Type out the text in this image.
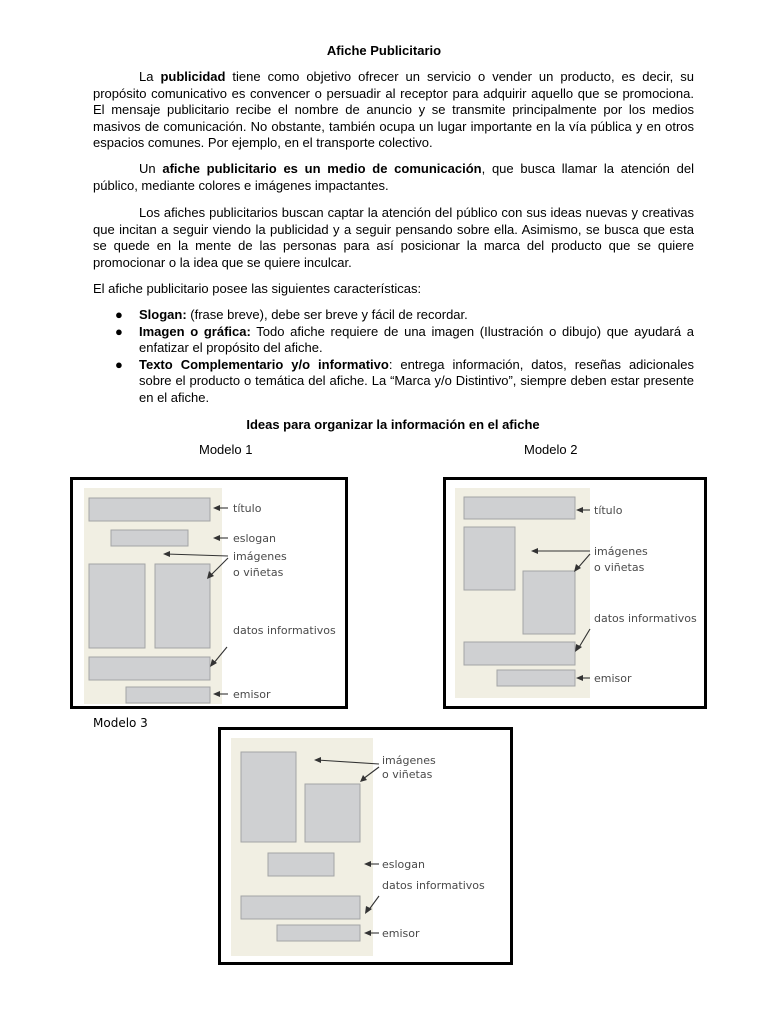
Afiche Publicitario

La publicidad tiene como objetivo ofrecer un servicio o vender un producto, es decir, su propósito comunicativo es convencer o persuadir al receptor para adquirir aquello que se promociona. El mensaje publicitario recibe el nombre de anuncio y se transmite principalmente por los medios masivos de comunicación. No obstante, también ocupa un lugar importante en la vía pública y en otros espacios comunes. Por ejemplo, en el transporte colectivo.

Un afiche publicitario es un medio de comunicación, que busca llamar la atención del público, mediante colores e imágenes impactantes.

Los afiches publicitarios buscan captar la atención del público con sus ideas nuevas y creativas que incitan a seguir viendo la publicidad y a seguir pensando sobre ella. Asimismo, se busca que esta se quede en la mente de las personas para así posicionar la marca del producto que se quiere promocionar o la idea que se quiere inculcar.

El afiche publicitario posee las siguientes características:

● Slogan: (frase breve), debe ser breve y fácil de recordar.
● Imagen o gráfica: Todo afiche requiere de una imagen (Ilustración o dibujo) que ayudará a enfatizar el propósito del afiche.
● Texto Complementario y/o informativo: entrega información, datos, reseñas adicionales sobre el producto o temática del afiche. La “Marca y/o Distintivo”, siempre deben estar presente en el afiche.
Ideas para organizar la información en el afiche
Modelo 1	Modelo 2
título
eslogan
imágenes
o viñetas
datos informativos
emisor
título
imágenes
o viñetas
datos informativos
emisor
Modelo 3
imágenes
o viñetas
eslogan
datos informativos
emisor
